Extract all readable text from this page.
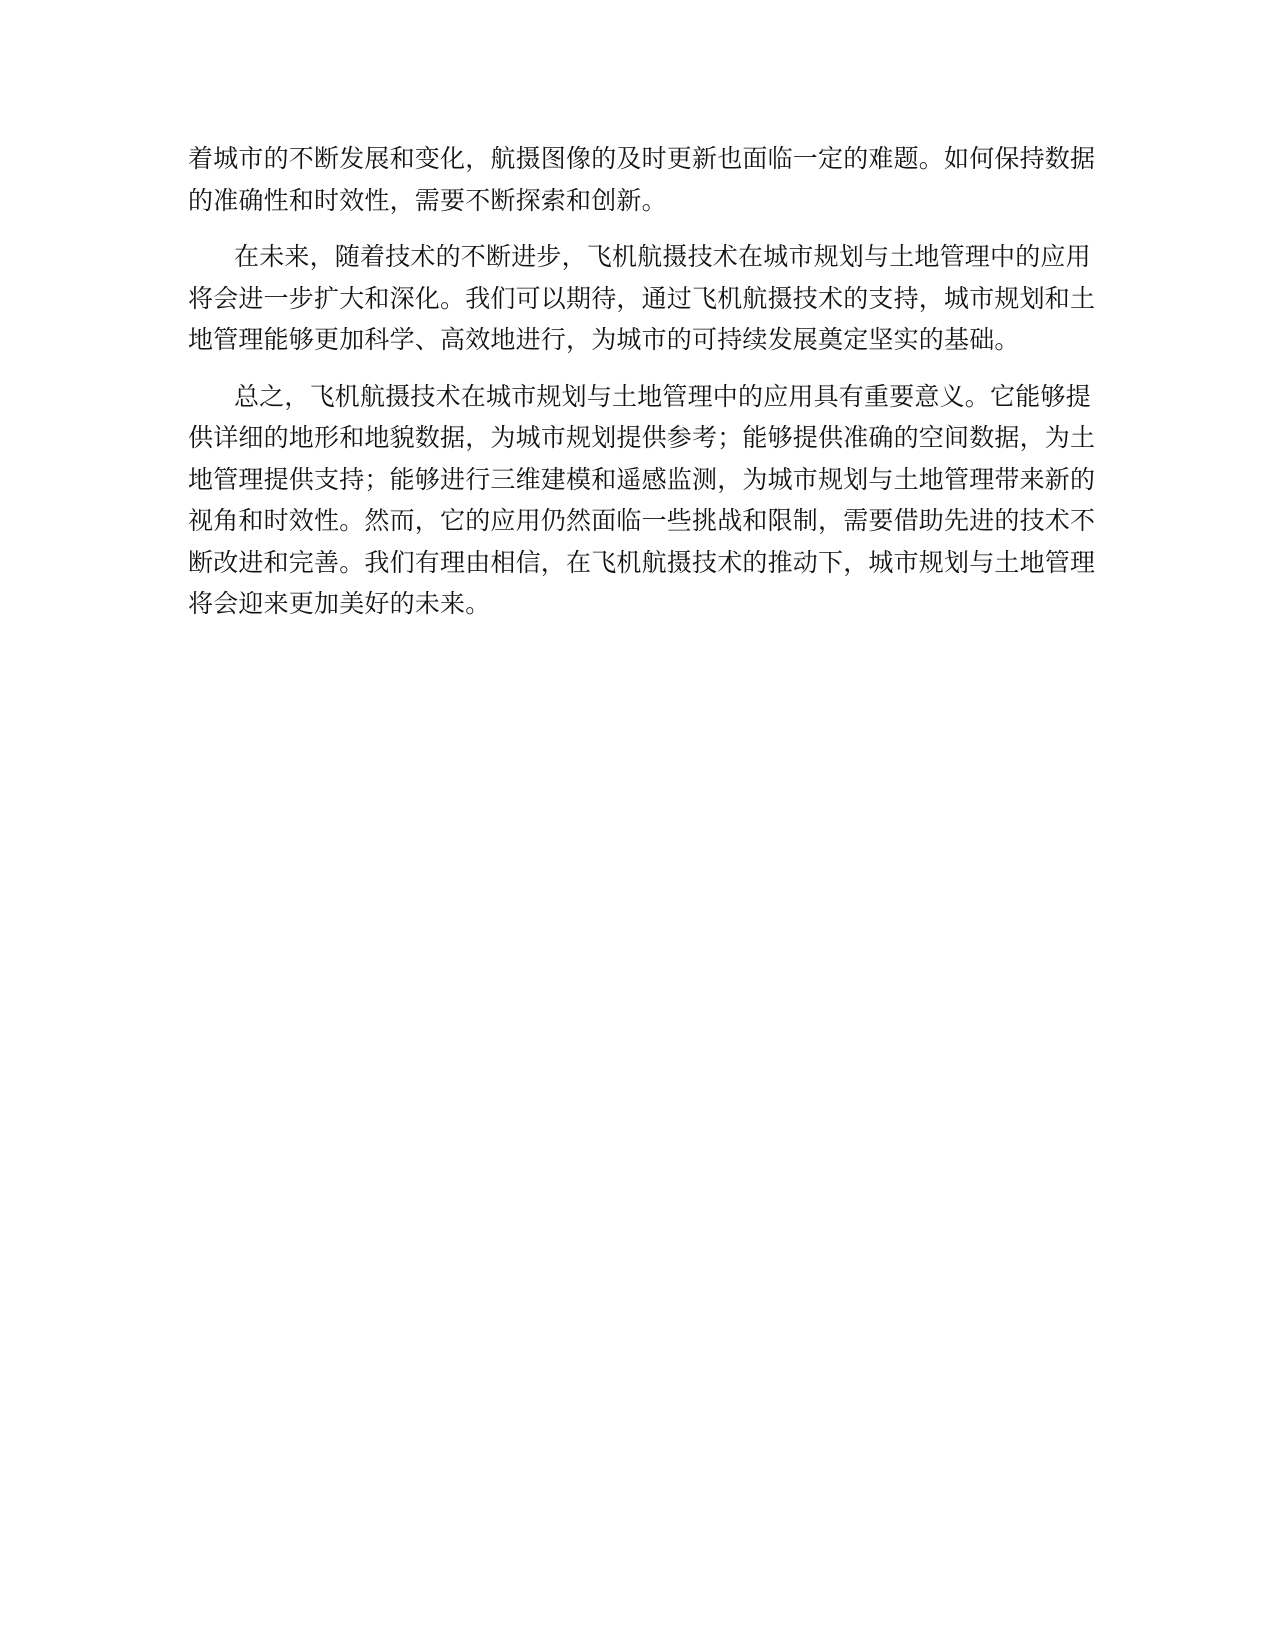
着城市的不断发展和变化，航摄图像的及时更新也面临一定的难题。如何保持数据
的准确性和时效性，需要不断探索和创新。

在未来，随着技术的不断进步，飞机航摄技术在城市规划与土地管理中的应用
将会进一步扩大和深化。我们可以期待，通过飞机航摄技术的支持，城市规划和土
地管理能够更加科学、高效地进行，为城市的可持续发展奠定坚实的基础。

总之，飞机航摄技术在城市规划与土地管理中的应用具有重要意义。它能够提
供详细的地形和地貌数据，为城市规划提供参考；能够提供准确的空间数据，为土
地管理提供支持；能够进行三维建模和遥感监测，为城市规划与土地管理带来新的
视角和时效性。然而，它的应用仍然面临一些挑战和限制，需要借助先进的技术不
断改进和完善。我们有理由相信，在飞机航摄技术的推动下，城市规划与土地管理
将会迎来更加美好的未来。
